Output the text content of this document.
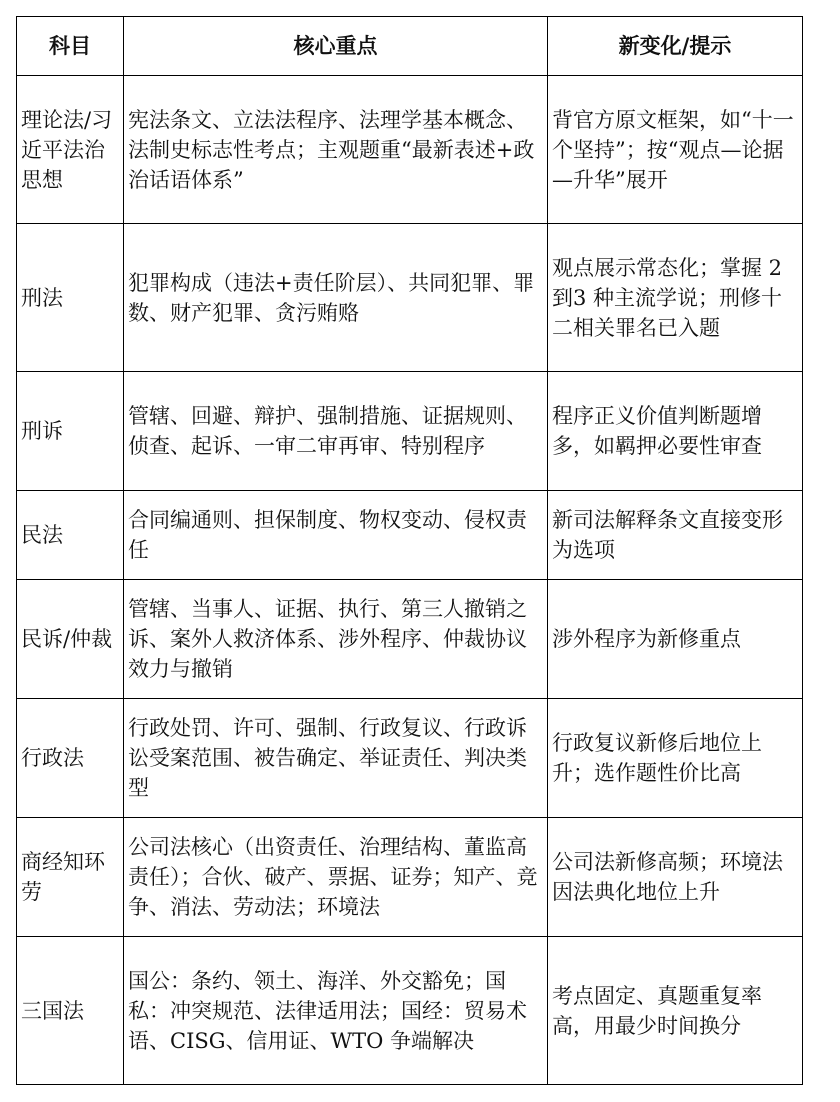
科目	核心重点	新变化/提示
理论法/习近平法治思想	宪法条文、立法法程序、法理学基本概念、法制史标志性考点；主观题重“最新表述+政治话语体系”	背官方原文框架，如“十一个坚持”；按“观点—论据—升华”展开
刑法	犯罪构成（违法+责任阶层）、共同犯罪、罪数、财产犯罪、贪污贿赂	观点展示常态化；掌握 2到3 种主流学说；刑修十二相关罪名已入题
刑诉	管辖、回避、辩护、强制措施、证据规则、侦查、起诉、一审二审再审、特别程序	程序正义价值判断题增多，如羁押必要性审查
民法	合同编通则、担保制度、物权变动、侵权责任	新司法解释条文直接变形为选项
民诉/仲裁	管辖、当事人、证据、执行、第三人撤销之诉、案外人救济体系、涉外程序、仲裁协议效力与撤销	涉外程序为新修重点
行政法	行政处罚、许可、强制、行政复议、行政诉讼受案范围、被告确定、举证责任、判决类型	行政复议新修后地位上升；选作题性价比高
商经知环劳	公司法核心（出资责任、治理结构、董监高责任）；合伙、破产、票据、证券；知产、竞争、消法、劳动法；环境法	公司法新修高频；环境法因法典化地位上升
三国法	国公：条约、领土、海洋、外交豁免；国私：冲突规范、法律适用法；国经：贸易术语、CISG、信用证、WTO 争端解决	考点固定、真题重复率高，用最少时间换分
